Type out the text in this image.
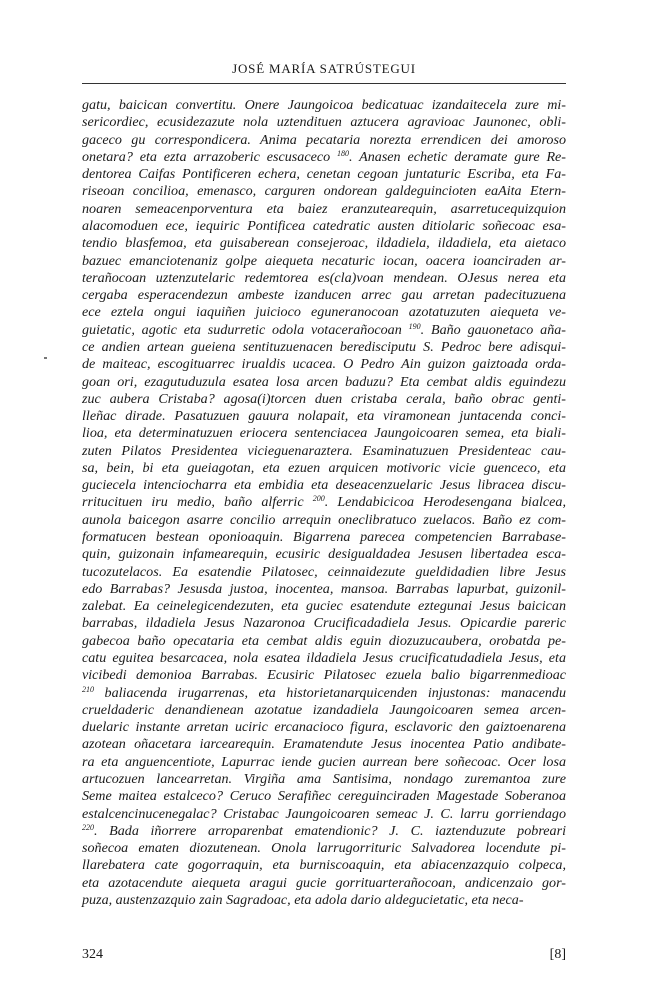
JOSÉ MARÍA SATRÚSTEGUI

gatu, baicican convertitu. Onere Jaungoicoa bedicatuac izandaitecela zure mi-
sericordiec, ecusidezazute nola uztendituen aztucera agravioac Jaunonec, obli-
gaceco gu correspondicera. Anima pecataria norezta errendicen dei amoroso
onetara? eta ezta arrazoberic escusaceco $^{180}$. Anasen echetic deramate gure Re-
dentorea Caifas Pontificeren echera, cenetan cegoan juntaturic Escriba, eta Fa-
riseoan concilioa, emenasco, carguren ondorean galdeguincioten eaAita Etern-
noaren semeacenporventura eta baiez eranzutearequin, asarretucequizquion
alacomoduen ece, iequiric Pontificea catedratic austen ditiolaric soñecoac esa-
tendio blasfemoa, eta guisaberean consejeroac, ildadiela, ildadiela, eta aietaco
bazuec emanciotenaniz golpe aiequeta necaturic iocan, oacera ioanciraden ar-
terañocoan uztenzutelaric redemtorea es(cla)voan mendean. OJesus nerea eta
cergaba esperacendezun ambeste izanducen arrec gau arretan padecituzuena
ece eztela ongui iaquiñen juicioco eguneranocoan azotatuzuten aiequeta ve-
guietatic, agotic eta sudurretic odola votacerañocoan $^{190}$. Baño gauonetaco aña-
ce andien artean gueiena sentituzuenacen beredisciputu S. Pedroc bere adisqui-
de maiteac, escogituarrec irualdis ucacea. O Pedro Ain guizon gaiztoada orda-
goan ori, ezagutuduzula esatea losa arcen baduzu? Eta cembat aldis eguindezu
zuc aubera Cristaba? agosa(i)torcen duen cristaba cerala, baño obrac genti-
lleñac dirade. Pasatuzuen gauura nolapait, eta viramonean juntacenda conci-
lioa, eta determinatuzuen eriocera sentenciacea Jaungoicoaren semea, eta biali-
zuten Pilatos Presidentea vicieguenaraztera. Esaminatuzuen Presidenteac cau-
sa, bein, bi eta gueiagotan, eta ezuen arquicen motivoric vicie guenceco, eta
guciecela intenciocharra eta embidia eta deseacenzuelaric Jesus libracea discu-
rritucituen iru medio, baño alferric $^{200}$. Lendabicicoa Herodesengana bialcea,
aunola baicegon asarre concilio arrequin oneclibratuco zuelacos. Baño ez com-
formatucen bestean oponioaquin. Bigarrena parecea competencien Barrabase-
quin, guizonain infamearequin, ecusiric desigualdadea Jesusen libertadea esca-
tucozutelacos. Ea esatendie Pilatosec, ceinnaidezute gueldidadien libre Jesus
edo Barrabas? Jesusda justoa, inocentea, mansoa. Barrabas lapurbat, guizonil-
zalebat. Ea ceinelegicendezuten, eta guciec esatendute eztegunai Jesus baicican
barrabas, ildadiela Jesus Nazaronoa Crucificadadiela Jesus. Opicardie pareric
gabecoa baño opecataria eta cembat aldis eguin diozuzucaubera, orobatda pe-
catu eguitea besarcacea, nola esatea ildadiela Jesus crucificatudadiela Jesus, eta
vicibedi demonioa Barrabas. Ecusiric Pilatosec ezuela balio bigarrenmedioac
$^{210}$ baliacenda irugarrenas, eta historietanarquicenden injustonas: manacendu
crueldaderic denandienean azotatue izandadiela Jaungoicoaren semea arcen-
duelaric instante arretan uciric ercanacioco figura, esclavoric den gaiztoenarena
azotean oñacetara iarcearequin. Eramatendute Jesus inocentea Patio andibate-
ra eta anguencentiote, Lapurrac iende gucien aurrean bere soñecoac. Ocer losa
artucozuen lancearretan. Virgiña ama Santisima, nondago zuremantoa zure
Seme maitea estalceco? Ceruco Serafiñec cereguinciraden Magestade Soberanoa
estalcencinucenegalac? Cristabac Jaungoicoaren semeac J. C. larru gorriendago
$^{220}$. Bada iñorrere arroparenbat ematendionic? J. C. iaztenduzute pobreari
soñecoa ematen diozutenean. Onola larrugorrituric Salvadorea locendute pi-
llarebatera cate gogorraquin, eta burniscoaquin, eta abiacenzazquio colpeca,
eta azotacendute aiequeta aragui gucie gorrituarterañocoan, andicenzaio gor-
puza, austenzazquio zain Sagradoac, eta adola dario aldegucietatic, eta neca-

324	[8]
